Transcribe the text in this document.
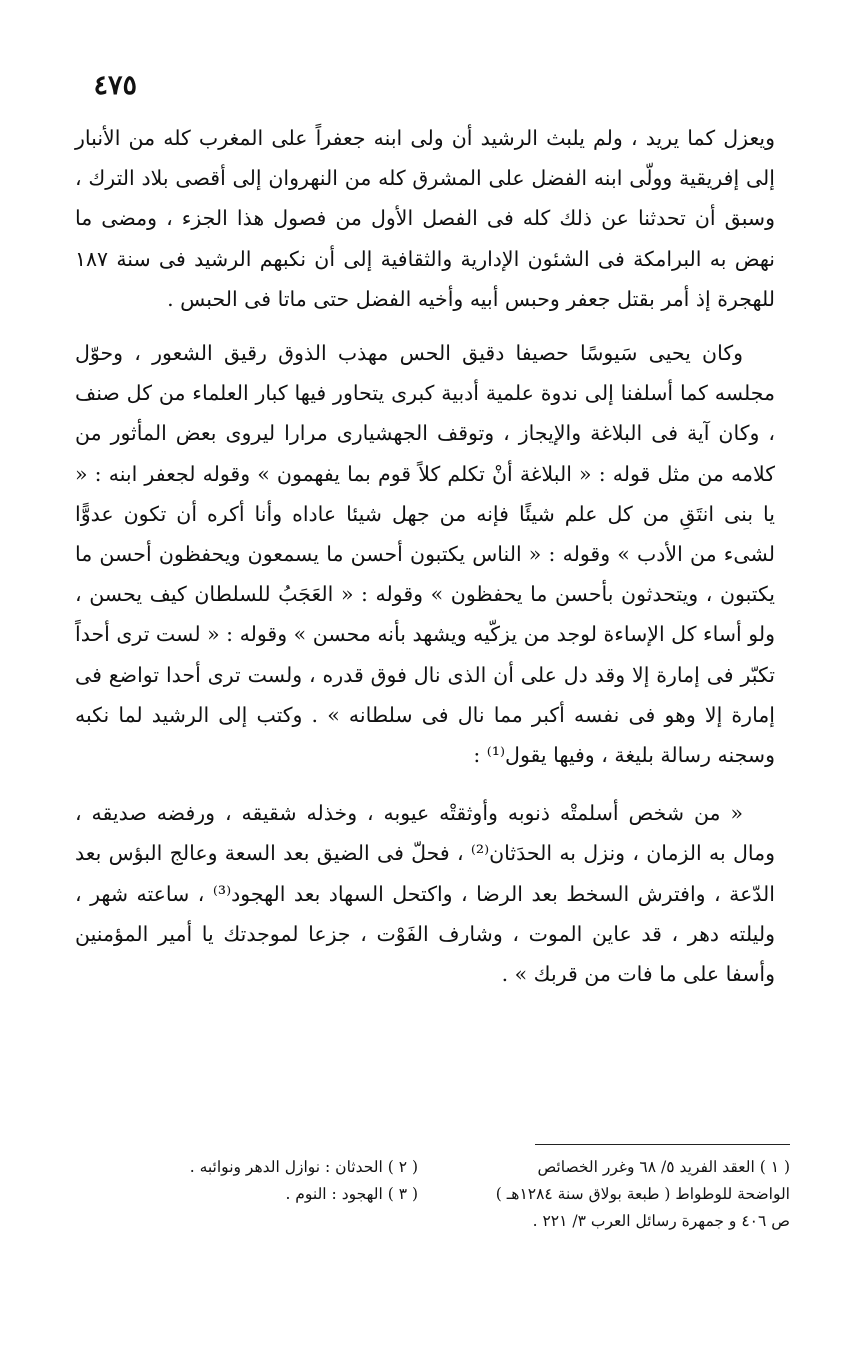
٤٧٥

ويعزل كما يريد ، ولم يلبث الرشيد أن ولى ابنه جعفراً على المغرب كله من الأنبار إلى إفريقية وولّى ابنه الفضل على المشرق كله من النهروان إلى أقصى بلاد الترك ، وسبق أن تحدثنا عن ذلك كله فى الفصل الأول من فصول هذا الجزء ، ومضى ما نهض به البرامكة فى الشئون الإدارية والثقافية إلى أن نكبهم الرشيد فى سنة ١٨٧ للهجرة إذ أمر بقتل جعفر وحبس أبيه وأخيه الفضل حتى ماتا فى الحبس .

وكان يحيى سَيوسًا حصيفا دقيق الحس مهذب الذوق رقيق الشعور ، وحوّل مجلسه كما أسلفنا إلى ندوة علمية أدبية كبرى يتحاور فيها كبار العلماء من كل صنف ، وكان آية فى البلاغة والإيجاز ، وتوقف الجهشيارى مرارا ليروى بعض المأثور من كلامه من مثل قوله : « البلاغة أنْ تكلم كلاً قوم بما يفهمون » وقوله لجعفر ابنه : « يا بنى انتَقِ من كل علم شيئًا فإنه من جهل شيئا عاداه وأنا أكره أن تكون عدوًّا لشىء من الأدب » وقوله : « الناس يكتبون أحسن ما يسمعون ويحفظون أحسن ما يكتبون ، ويتحدثون بأحسن ما يحفظون » وقوله : « العَجَبُ للسلطان كيف يحسن ، ولو أساء كل الإساءة لوجد من يزكّيه ويشهد بأنه محسن » وقوله : « لست ترى أحداً تكبّر فى إمارة إلا وقد دل على أن الذى نال فوق قدره ، ولست ترى أحدا تواضع فى إمارة إلا وهو فى نفسه أكبر مما نال فى سلطانه » . وكتب إلى الرشيد لما نكبه وسجنه رسالة بليغة ، وفيها يقول⁽¹⁾ :

« من شخص أسلمتْه ذنوبه وأوثقتْه عيوبه ، وخذله شقيقه ، ورفضه صديقه ، ومال به الزمان ، ونزل به الحدَثان⁽²⁾ ، فحلّ فى الضيق بعد السعة وعالج البؤس بعد الدّعة ، وافترش السخط بعد الرضا ، واكتحل السهاد بعد الهجود⁽³⁾ ، ساعته شهر ، وليلته دهر ، قد عاين الموت ، وشارف الفَوْت ، جزعا لموجدتك يا أمير المؤمنين وأسفا على ما فات من قربك » .

( ١ ) العقد الفريد ٥/ ٦٨ وغرر الخصائص
الواضحة للوطواط ( طبعة بولاق سنة ١٢٨٤هـ )
ص ٤٠٦ و جمهرة رسائل العرب ٣/ ٢٢١ .
( ٢ ) الحدثان : نوازل الدهر ونوائبه .
( ٣ ) الهجود : النوم .
